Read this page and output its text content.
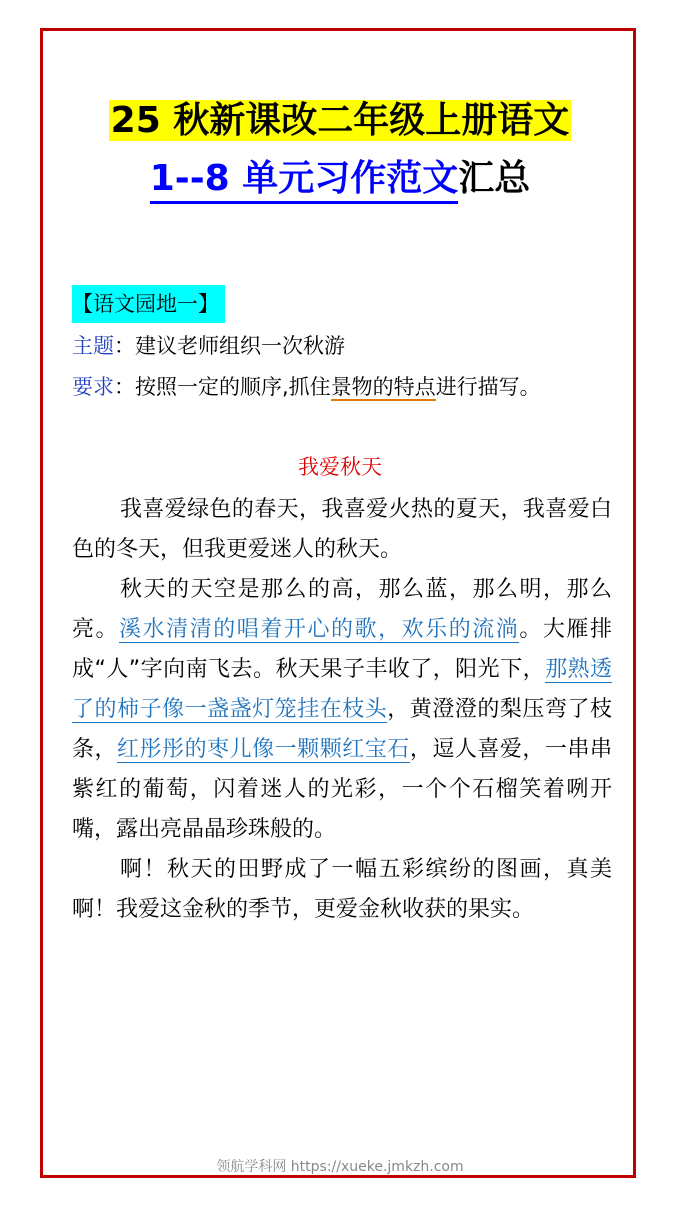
25 秋新课改二年级上册语文
1--8 单元习作范文汇总
【语文园地一】
主题：建议老师组织一次秋游
要求：按照一定的顺序,抓住景物的特点进行描写。
我爱秋天

我喜爱绿色的春天，我喜爱火热的夏天，我喜爱白色的冬天，但我更爱迷人的秋天。

秋天的天空是那么的高，那么蓝，那么明，那么亮。溪水清清的唱着开心的歌，欢乐的流淌。大雁排成“人”字向南飞去。秋天果子丰收了，阳光下，那熟透了的柿子像一盏盏灯笼挂在枝头，黄澄澄的梨压弯了枝条，红彤彤的枣儿像一颗颗红宝石，逗人喜爱，一串串紫红的葡萄，闪着迷人的光彩，一个个石榴笑着咧开嘴，露出亮晶晶珍珠般的。

啊！秋天的田野成了一幅五彩缤纷的图画，真美啊！我爱这金秋的季节，更爱金秋收获的果实。

领航学科网 https://xueke.jmkzh.com
